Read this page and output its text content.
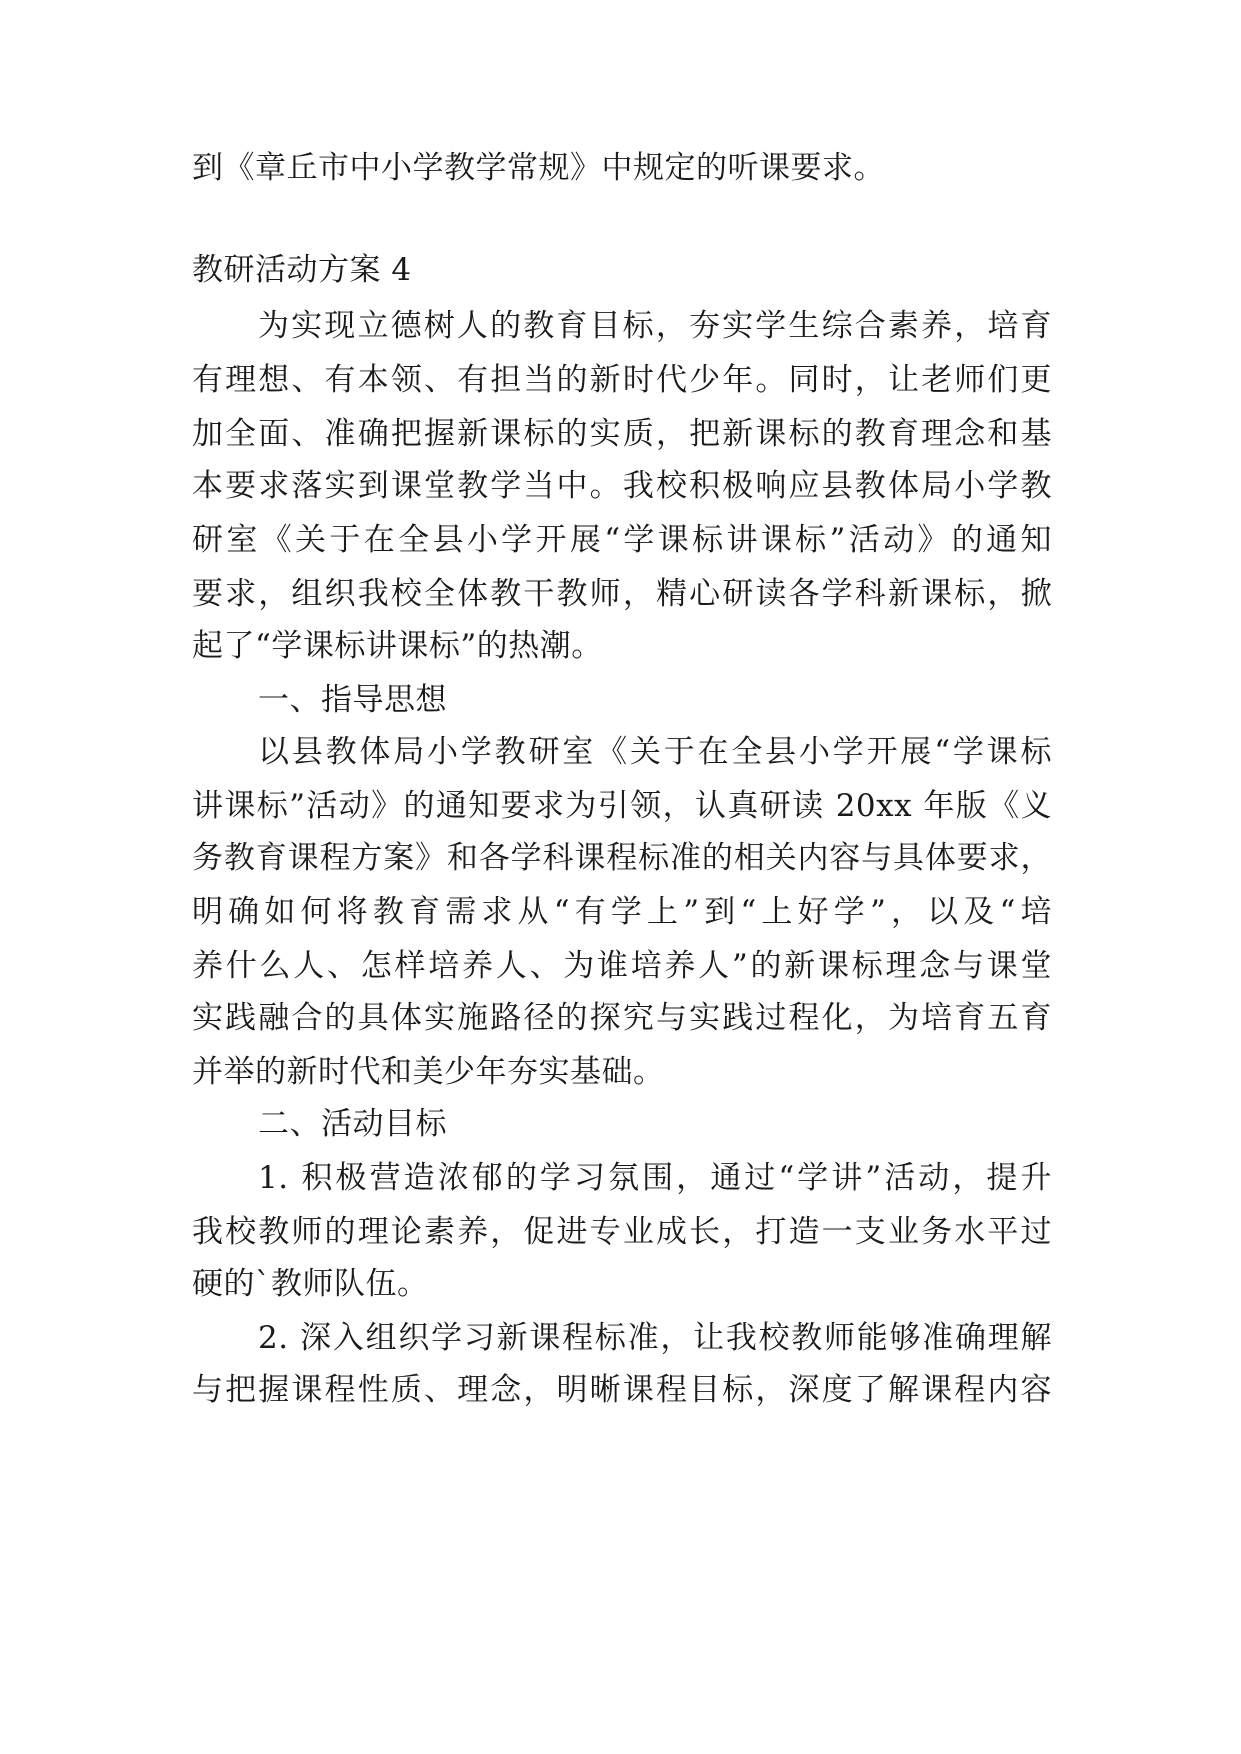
到《章丘市中小学教学常规》中规定的听课要求。
教研活动方案 4
为实现立德树人的教育目标，夯实学生综合素养，培育
有理想、有本领、有担当的新时代少年。同时，让老师们更
加全面、准确把握新课标的实质，把新课标的教育理念和基
本要求落实到课堂教学当中。我校积极响应县教体局小学教
研室《关于在全县小学开展“学课标讲课标”活动》的通知
要求，组织我校全体教干教师，精心研读各学科新课标，掀
起了“学课标讲课标”的热潮。
一、指导思想
以县教体局小学教研室《关于在全县小学开展“学课标
讲课标”活动》的通知要求为引领，认真研读 20xx 年版《义
务教育课程方案》和各学科课程标准的相关内容与具体要求，
明确如何将教育需求从“有学上”到“上好学”，以及“培
养什么人、怎样培养人、为谁培养人”的新课标理念与课堂
实践融合的具体实施路径的探究与实践过程化，为培育五育
并举的新时代和美少年夯实基础。
二、活动目标
1. 积极营造浓郁的学习氛围，通过“学讲”活动，提升
我校教师的理论素养，促进专业成长，打造一支业务水平过
硬的`教师队伍。
2. 深入组织学习新课程标准，让我校教师能够准确理解
与把握课程性质、理念，明晰课程目标，深度了解课程内容
